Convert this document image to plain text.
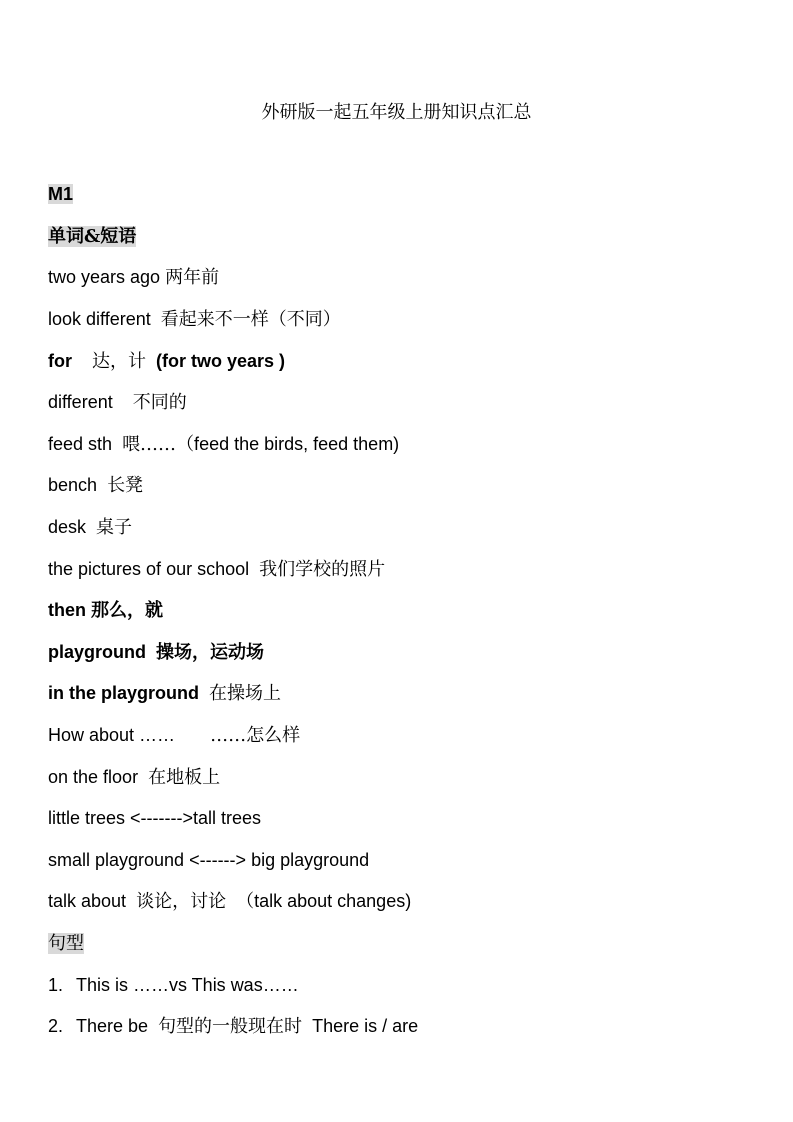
外研版一起五年级上册知识点汇总
M1
单词&短语
two years ago 两年前
look different 看起来不一样（不同）
for 达，计 (for two years )
different 不同的
feed sth 喂……（feed the birds, feed them)
bench 长凳
desk 桌子
the pictures of our school 我们学校的照片
then 那么，就
playground 操场，运动场
in the playground 在操场上
How about …… ……怎么样
on the floor 在地板上
little trees <------->tall trees
small playground <------> big playground
talk about 谈论，讨论 （talk about changes)
句型
1. This is ……vs This was……
2. There be 句型的一般现在时 There is / are
